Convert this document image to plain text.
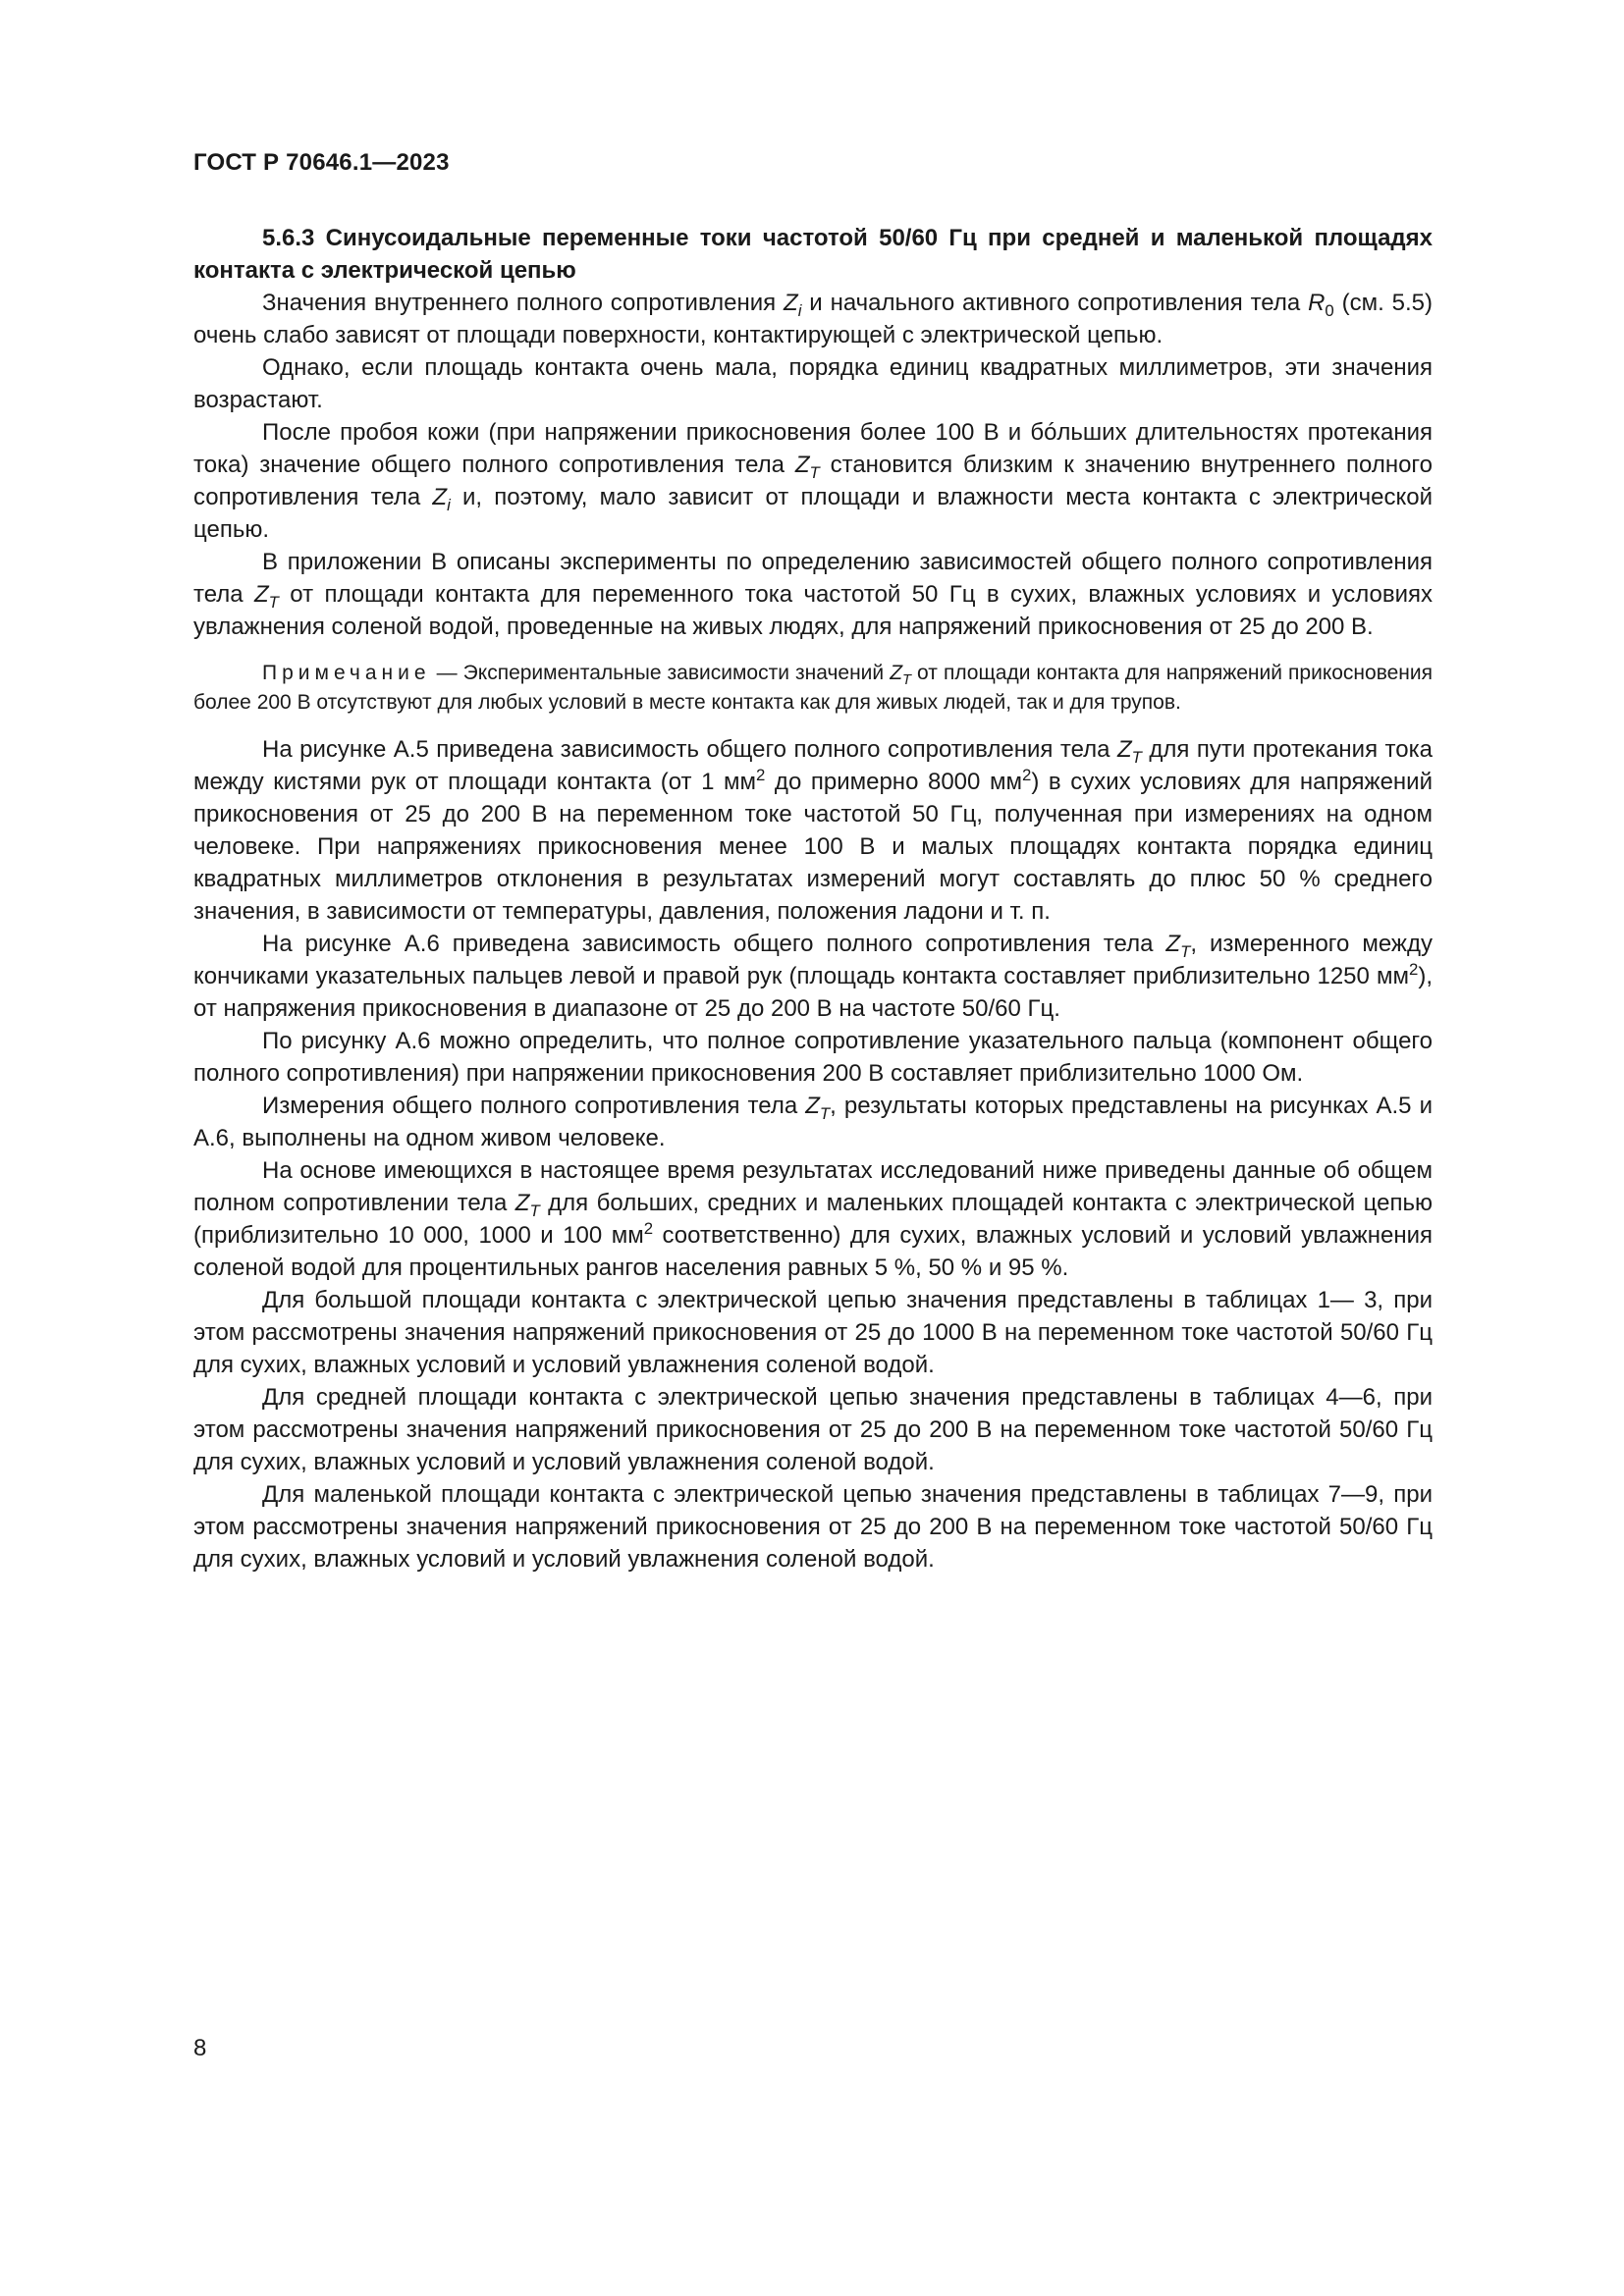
ГОСТ Р 70646.1—2023

5.6.3 Синусоидальные переменные токи частотой 50/60 Гц при средней и маленькой площадях контакта с электрической цепью

Значения внутреннего полного сопротивления $Z_i$ и начального активного сопротивления тела $R_0$ (см. 5.5) очень слабо зависят от площади поверхности, контактирующей с электрической цепью.

Однако, если площадь контакта очень мала, порядка единиц квадратных миллиметров, эти значения возрастают.

После пробоя кожи (при напряжении прикосновения более 100 В и бóльших длительностях протекания тока) значение общего полного сопротивления тела $Z_T$ становится близким к значению внутреннего полного сопротивления тела $Z_i$ и, поэтому, мало зависит от площади и влажности места контакта с электрической цепью.

В приложении В описаны эксперименты по определению зависимостей общего полного сопротивления тела $Z_T$ от площади контакта для переменного тока частотой 50 Гц в сухих, влажных условиях и условиях увлажнения соленой водой, проведенные на живых людях, для напряжений прикосновения от 25 до 200 В.

Примечание — Экспериментальные зависимости значений $Z_T$ от площади контакта для напряжений прикосновения более 200 В отсутствуют для любых условий в месте контакта как для живых людей, так и для трупов.

На рисунке А.5 приведена зависимость общего полного сопротивления тела $Z_T$ для пути протекания тока между кистями рук от площади контакта (от 1 $мм^2$ до примерно 8000 $мм^2$) в сухих условиях для напряжений прикосновения от 25 до 200 В на переменном токе частотой 50 Гц, полученная при измерениях на одном человеке. При напряжениях прикосновения менее 100 В и малых площадях контакта порядка единиц квадратных миллиметров отклонения в результатах измерений могут составлять до плюс 50 % среднего значения, в зависимости от температуры, давления, положения ладони и т. п.

На рисунке А.6 приведена зависимость общего полного сопротивления тела $Z_T$, измеренного между кончиками указательных пальцев левой и правой рук (площадь контакта составляет приблизительно 1250 $мм^2$), от напряжения прикосновения в диапазоне от 25 до 200 В на частоте 50/60 Гц.

По рисунку А.6 можно определить, что полное сопротивление указательного пальца (компонент общего полного сопротивления) при напряжении прикосновения 200 В составляет приблизительно 1000 Ом.

Измерения общего полного сопротивления тела $Z_T$, результаты которых представлены на рисунках А.5 и А.6, выполнены на одном живом человеке.

На основе имеющихся в настоящее время результатах исследований ниже приведены данные об общем полном сопротивлении тела $Z_T$ для больших, средних и маленьких площадей контакта с электрической цепью (приблизительно 10 000, 1000 и 100 $мм^2$ соответственно) для сухих, влажных условий и условий увлажнения соленой водой для процентильных рангов населения равных 5 %, 50 % и 95 %.

Для большой площади контакта с электрической цепью значения представлены в таблицах 1— 3, при этом рассмотрены значения напряжений прикосновения от 25 до 1000 В на переменном токе частотой 50/60 Гц для сухих, влажных условий и условий увлажнения соленой водой.

Для средней площади контакта с электрической цепью значения представлены в таблицах 4—6, при этом рассмотрены значения напряжений прикосновения от 25 до 200 В на переменном токе частотой 50/60 Гц для сухих, влажных условий и условий увлажнения соленой водой.

Для маленькой площади контакта с электрической цепью значения представлены в таблицах 7—9, при этом рассмотрены значения напряжений прикосновения от 25 до 200 В на переменном токе частотой 50/60 Гц для сухих, влажных условий и условий увлажнения соленой водой.

8
